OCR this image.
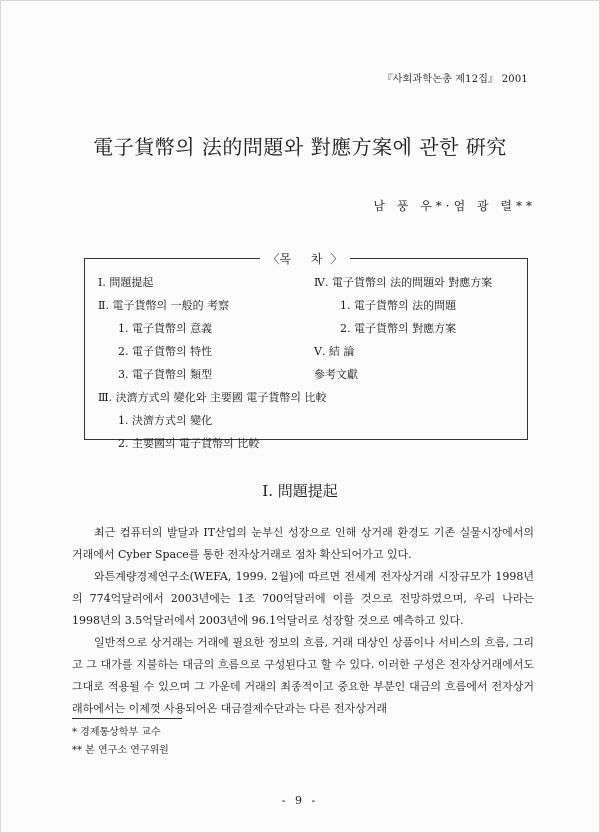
『사회과학논총 제12집』 2001
電子貨幣의 法的問題와 對應方案에 관한 硏究
남 풍 우*·엄 광 렬**
〈목 차〉
Ⅰ. 問題提起
Ⅱ. 電子貨幣의 一般的 考察
1. 電子貨幣의 意義
2. 電子貨幣의 特性
3. 電子貨幣의 類型
Ⅲ. 決濟方式의 變化와 主要國 電子貨幣의 比較
1. 決濟方式의 變化
2. 主要國의 電子貨幣의 比較
Ⅳ. 電子貨幣의 法的問題와 對應方案
1. 電子貨幣의 法的問題
2. 電子貨幣의 對應方案
Ⅴ. 結 論
參考文獻
Ⅰ. 問題提起

최근 컴퓨터의 발달과 IT산업의 눈부신 성장으로 인해 상거래 환경도 기존 실물시장에서의 거래에서 Cyber Space를 통한 전자상거래로 점차 확산되어가고 있다.

와튼계량경제연구소(WEFA, 1999. 2월)에 따르면 전세계 전자상거래 시장규모가 1998년의 774억달러에서 2003년에는 1조 700억달러에 이를 것으로 전망하였으며, 우리 나라는 1998년의 3.5억달러에서 2003년에 96.1억달러로 성장할 것으로 예측하고 있다.

일반적으로 상거래는 거래에 필요한 정보의 흐름, 거래 대상인 상품이나 서비스의 흐름, 그리고 그 대가를 지불하는 대금의 흐름으로 구성된다고 할 수 있다. 이러한 구성은 전자상거래에서도 그대로 적용될 수 있으며 그 가운데 거래의 최종적이고 중요한 부분인 대금의 흐름에서 전자상거래하에서는 이제껏 사용되어온 대금결제수단과는 다른 전자상거래

* 경제통상학부 교수
** 본 연구소 연구위원
- 9 -
